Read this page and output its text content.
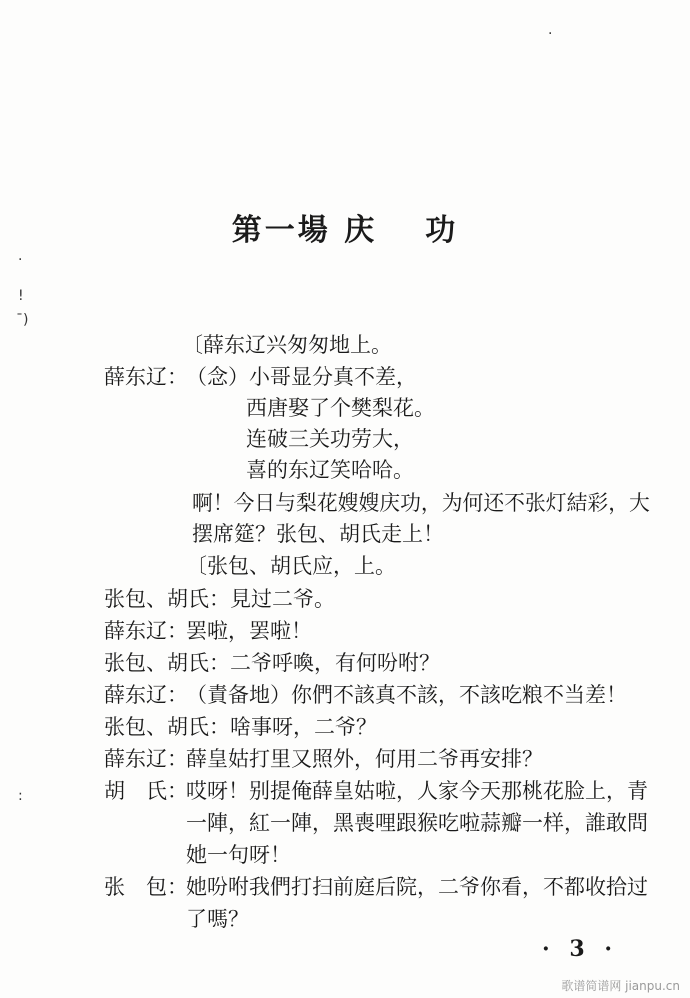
·
·
!
ˉ)
:
第一場 庆 功
〔薛东辽兴匆匆地上。
薛东辽：
（念）小哥显分真不差，
西唐娶了个樊梨花。
连破三关功劳大，
喜的东辽笑哈哈。
啊！今日与梨花嫂嫂庆功，为何还不张灯結彩，大
摆席筵？张包、胡氏走上！
〔张包、胡氏应，上。
张包、胡氏： 見过二爷。
薛东辽：
罢啦，罢啦！
张包、胡氏： 二爷呼喚，有何吩咐？
薛东辽：
（責备地）你們不該真不該，不該吃粮不当差！
张包、胡氏： 啥事呀，二爷？
薛东辽：
薛皇姑打里又照外，何用二爷再安排？
胡　氏：
哎呀！别提俺薛皇姑啦，人家今天那桃花脸上，青
一陣，紅一陣，黑喪哩跟猴吃啦蒜瓣一样，誰敢問
她一句呀！
张　包：
她吩咐我們打扫前庭后院，二爷你看，不都收拾过
了嗎？
· 3 ·
歌谱简谱网 jianpu.cn
